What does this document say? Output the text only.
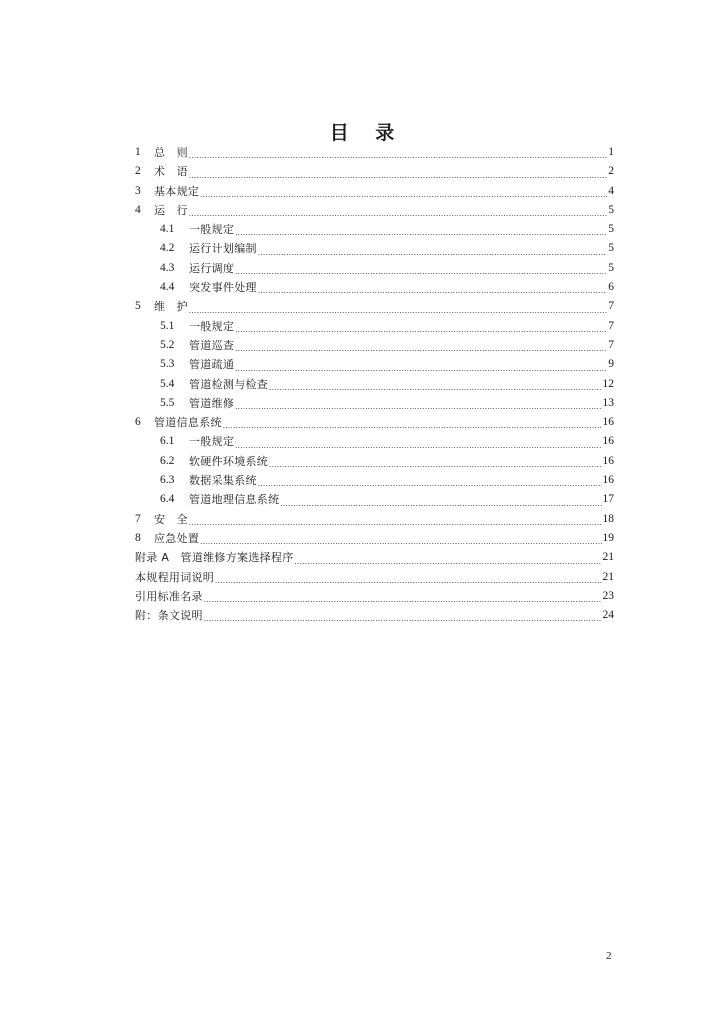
目    录
1	总　则 .....	1
2	术　语 .....	2
3	基本规定 .....	4
4	运　行 .....	5
4.1	一般规定 .....	5
4.2	运行计划编制 .....	5
4.3	运行调度 .....	5
4.4	突发事件处理 .....	6
5	维　护 .....	7
5.1	一般规定 .....	7
5.2	管道巡查 .....	7
5.3	管道疏通 .....	9
5.4	管道检测与检查 .....	12
5.5	管道维修 .....	13
6	管道信息系统 .....	16
6.1	一般规定 .....	16
6.2	软硬件环境系统 .....	16
6.3	数据采集系统 .....	16
6.4	管道地理信息系统 .....	17
7	安　全 .....	18
8	应急处置 .....	19
附录 A　管道维修方案选择程序 .....	21
本规程用词说明 .....	21
引用标准名录 .....	23
附：条文说明 .....	24
2
